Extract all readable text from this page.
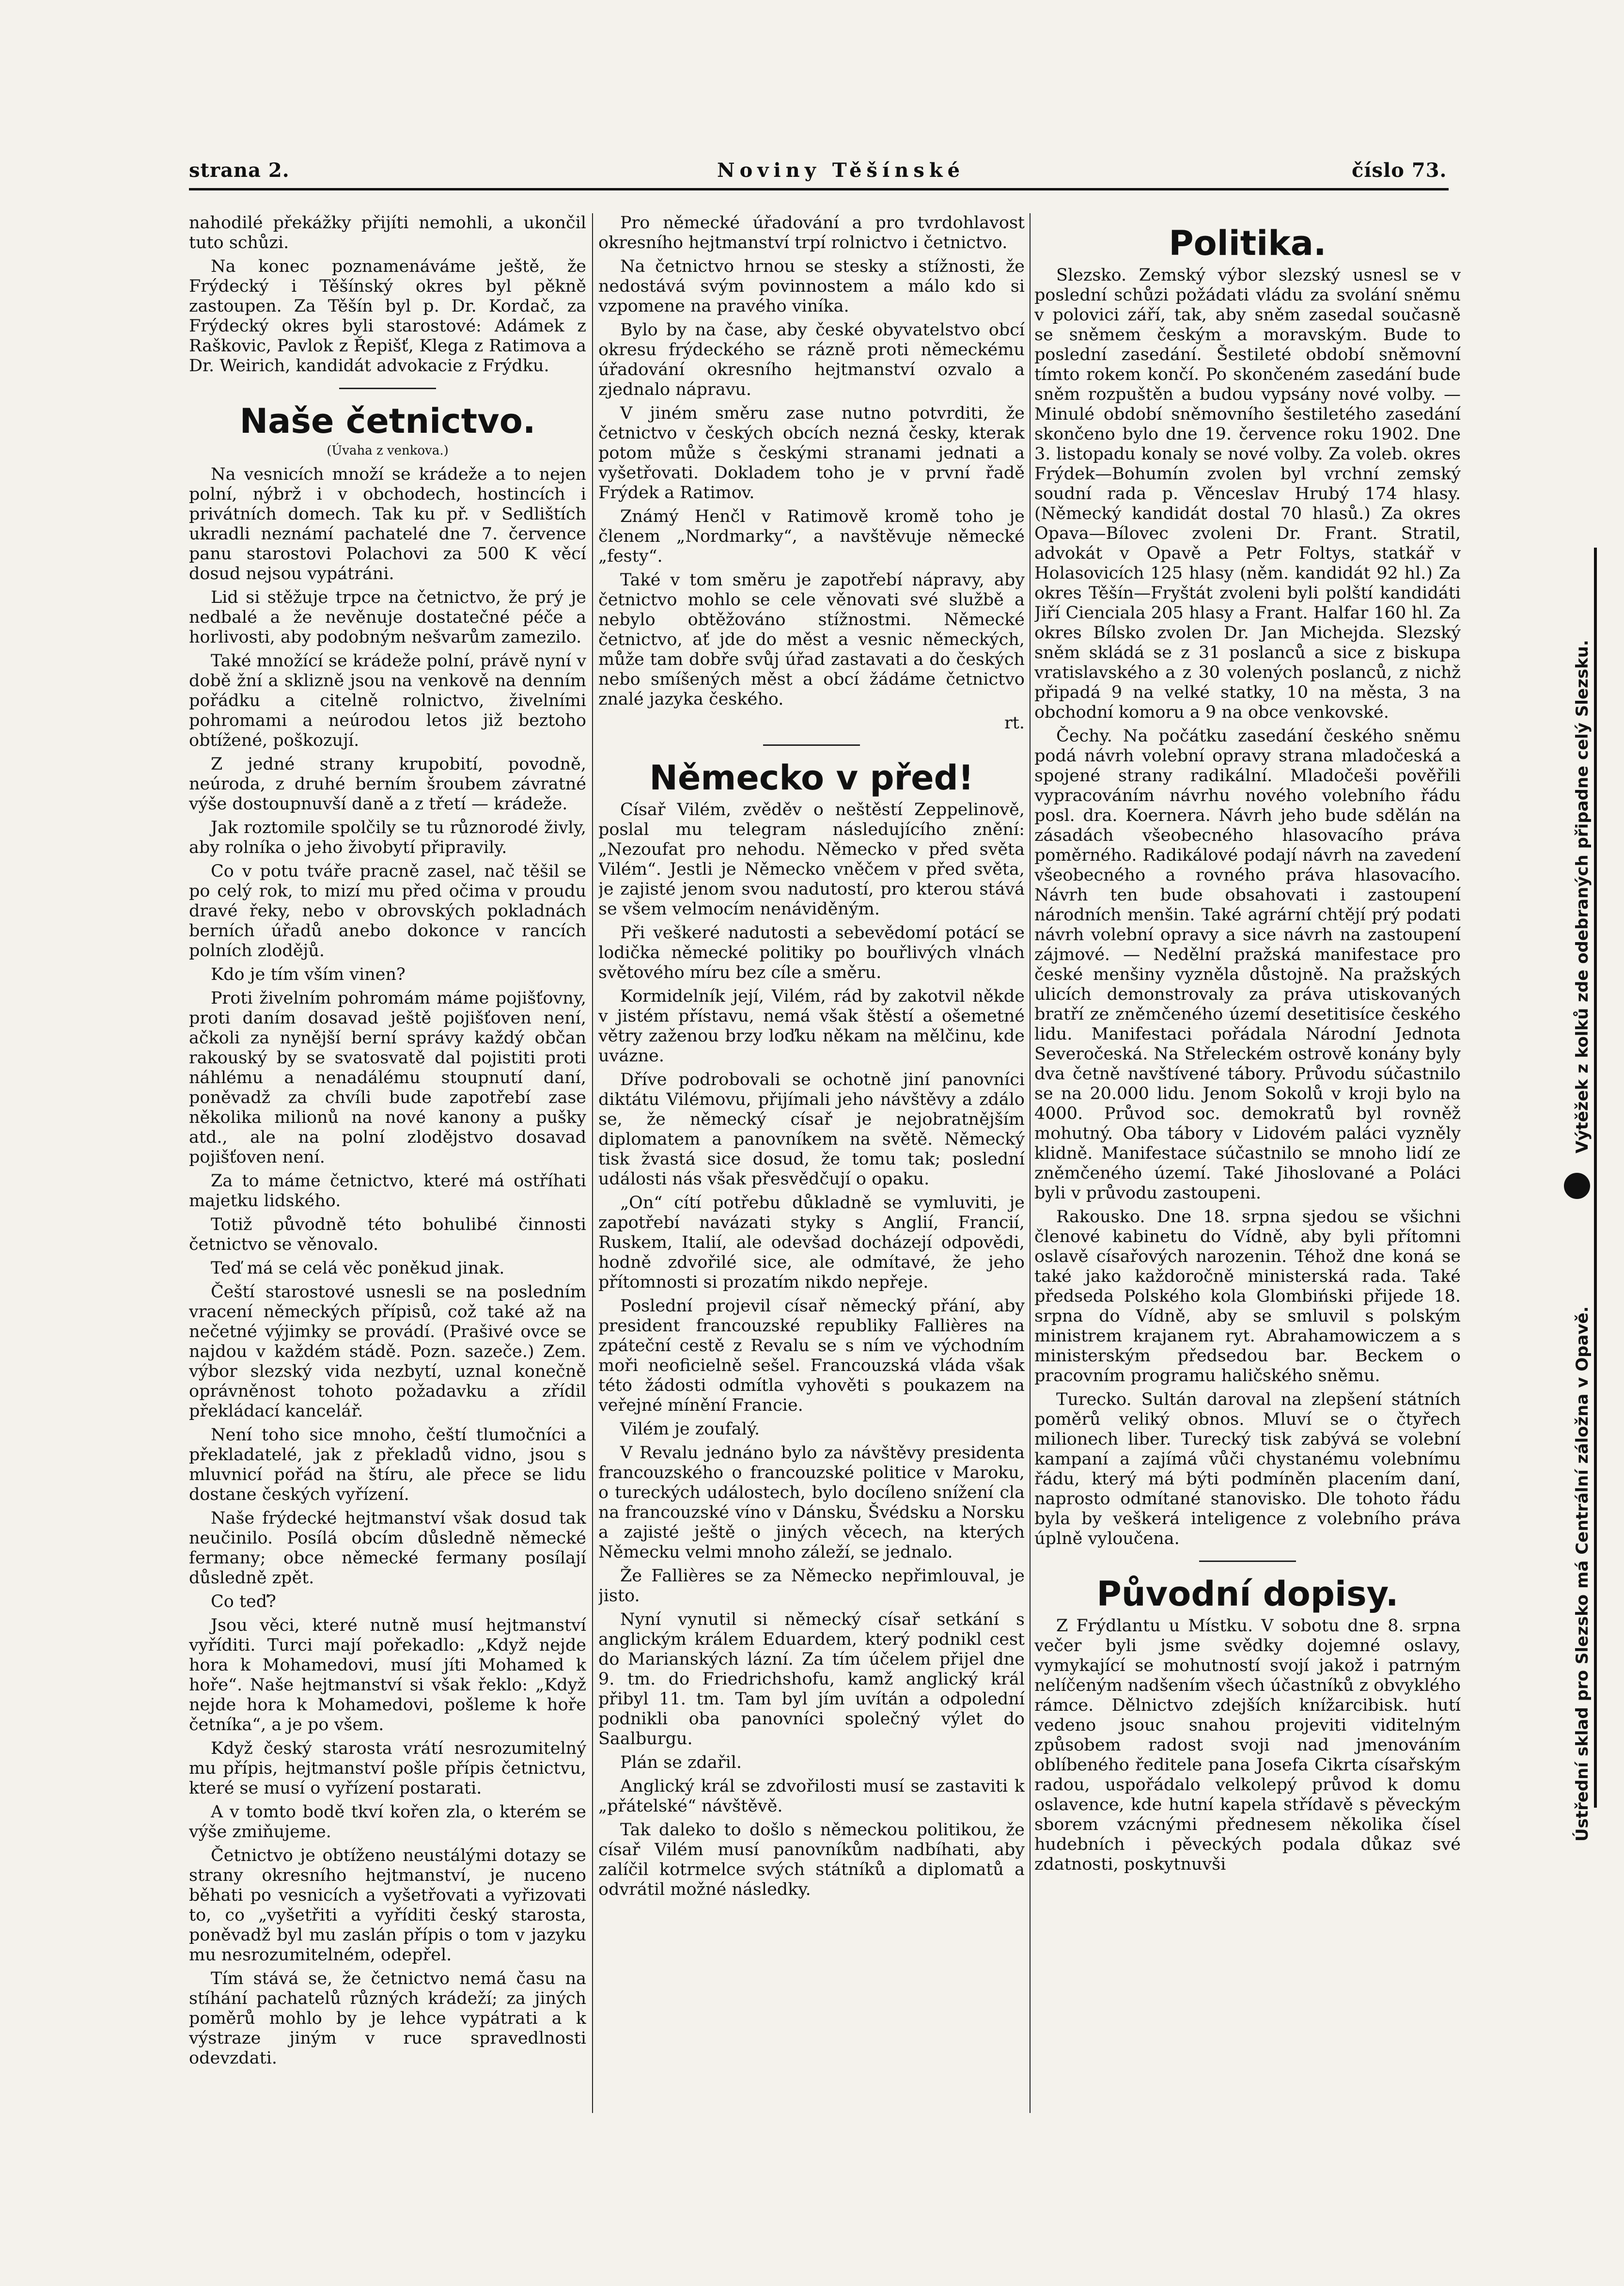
strana 2.	Noviny Těšínské	číslo 73.

nahodilé překážky přijíti nemohli, a ukončil tuto schůzi.

Na konec poznamenáváme ještě, že Frýdecký i Těšínský okres byl pěkně zastoupen. Za Těšín byl p. Dr. Kordač, za Frýdecký okres byli starostové: Adámek z Raškovic, Pavlok z Řepišť, Klega z Ratimova a Dr. Weirich, kandidát advokacie z Frýdku.

Naše četnictvo.
(Úvaha z venkova.)

Na vesnicích množí se krádeže a to nejen polní, nýbrž i v obchodech, hostincích i privátních domech. Tak ku př. v Sedlištích ukradli neznámí pachatelé dne 7. července panu starostovi Polachovi za 500 K věcí dosud nejsou vypátráni.

Lid si stěžuje trpce na četnictvo, že prý je nedbalé a že nevěnuje dostatečné péče a horlivosti, aby podobným nešvarům zamezilo.

Také množící se krádeže polní, právě nyní v době žní a sklizně jsou na venkově na denním pořádku a citelně rolnictvo, živelními pohromami a neúrodou letos již beztoho obtížené, poškozují.

Z jedné strany krupobití, povodně, neúroda, z druhé berním šroubem závratné výše dostoupnuvší daně a z třetí — krádeže.

Jak roztomile spolčily se tu různorodé živly, aby rolníka o jeho živobytí připravily.

Co v potu tváře pracně zasel, nač těšil se po celý rok, to mizí mu před očima v proudu dravé řeky, nebo v obrovských pokladnách berních úřadů anebo dokonce v rancích polních zlodějů.

Kdo je tím vším vinen?

Proti živelním pohromám máme pojišťovny, proti daním dosavad ještě pojišťoven není, ačkoli za nynější berní správy každý občan rakouský by se svatosvatě dal pojistiti proti náhlému a nenadálému stoupnutí daní, poněvadž za chvíli bude zapotřebí zase několika milionů na nové kanony a pušky atd., ale na polní zlodějstvo dosavad pojišťoven není.

Za to máme četnictvo, které má ostříhati majetku lidského.

Totiž původně této bohulibé činnosti četnictvo se věnovalo.

Teď má se celá věc poněkud jinak.

Čeští starostové usnesli se na posledním vracení německých přípisů, což také až na nečetné výjimky se provádí. (Prašivé ovce se najdou v každém stádě. Pozn. sazeče.) Zem. výbor slezský vida nezbytí, uznal konečně oprávněnost tohoto požadavku a zřídil překládací kancelář.

Není toho sice mnoho, čeští tlumočníci a překladatelé, jak z překladů vidno, jsou s mluvnicí pořád na štíru, ale přece se lidu dostane českých vyřízení.

Naše frýdecké hejtmanství však dosud tak neučinilo. Posílá obcím důsledně německé fermany; obce německé fermany posílají důsledně zpět.

Co teď?

Jsou věci, které nutně musí hejtmanství vyříditi. Turci mají pořekadlo: „Když nejde hora k Mohamedovi, musí jíti Mohamed k hoře“. Naše hejtmanství si však řeklo: „Když nejde hora k Mohamedovi, pošleme k hoře četníka“, a je po všem.

Když český starosta vrátí nesrozumitelný mu přípis, hejtmanství pošle přípis četnictvu, které se musí o vyřízení postarati.

A v tomto bodě tkví kořen zla, o kterém se výše zmiňujeme.

Četnictvo je obtíženo neustálými dotazy se strany okresního hejtmanství, je nuceno běhati po vesnicích a vyšetřovati a vyřizovati to, co „vyšetřiti a vyříditi český starosta, poněvadž byl mu zaslán přípis o tom v jazyku mu nesrozumitelném, odepřel.

Tím stává se, že četnictvo nemá času na stíhání pachatelů různých krádeží; za jiných poměrů mohlo by je lehce vypátrati a k výstraze jiným v ruce spravedlnosti odevzdati.

Pro německé úřadování a pro tvrdohlavost okresního hejtmanství trpí rolnictvo i četnictvo.

Na četnictvo hrnou se stesky a stížnosti, že nedostává svým povinnostem a málo kdo si vzpomene na pravého viníka.

Bylo by na čase, aby české obyvatelstvo obcí okresu frýdeckého se rázně proti německému úřadování okresního hejtmanství ozvalo a zjednalo nápravu.

V jiném směru zase nutno potvrditi, že četnictvo v českých obcích nezná česky, kterak potom může s českými stranami jednati a vyšetřovati. Dokladem toho je v první řadě Frýdek a Ratimov.

Známý Henčl v Ratimově kromě toho je členem „Nordmarky“, a navštěvuje německé „festy“.

Také v tom směru je zapotřebí nápravy, aby četnictvo mohlo se cele věnovati své službě a nebylo obtěžováno stížnostmi. Německé četnictvo, ať jde do měst a vesnic německých, může tam dobře svůj úřad zastavati a do českých nebo smíšených měst a obcí žádáme četnictvo znalé jazyka českého.

rt.
Německo v před!

Císař Vilém, zvěděv o neštěstí Zeppelinově, poslal mu telegram následujícího znění: „Nezoufat pro nehodu. Německo v před světa Vilém“. Jestli je Německo vněčem v před světa, je zajisté jenom svou nadutostí, pro kterou stává se všem velmocím nenáviděným.

Při veškeré nadutosti a sebevědomí potácí se lodička německé politiky po bouřlivých vlnách světového míru bez cíle a směru.

Kormidelník její, Vilém, rád by zakotvil někde v jistém přístavu, nemá však štěstí a ošemetné větry zaženou brzy loďku někam na mělčinu, kde uvázne.

Dříve podrobovali se ochotně jiní panovníci diktátu Vilémovu, přijímali jeho návštěvy a zdálo se, že německý císař je nejobratnějším diplomatem a panovníkem na světě. Německý tisk žvastá sice dosud, že tomu tak; poslední události nás však přesvědčují o opaku.

„On“ cítí potřebu důkladně se vymluviti, je zapotřebí navázati styky s Anglií, Francií, Ruskem, Italií, ale odevšad docházejí odpovědi, hodně zdvořilé sice, ale odmítavé, že jeho přítomnosti si prozatím nikdo nepřeje.

Poslední projevil císař německý přání, aby president francouzské republiky Fallières na zpáteční cestě z Revalu se s ním ve východním moři neoficielně sešel. Francouzská vláda však této žádosti odmítla vyhověti s poukazem na veřejné mínění Francie.

Vilém je zoufalý.

V Revalu jednáno bylo za návštěvy presidenta francouzského o francouzské politice v Maroku, o tureckých událostech, bylo docíleno snížení cla na francouzské víno v Dánsku, Švédsku a Norsku a zajisté ještě o jiných věcech, na kterých Německu velmi mnoho záleží, se jednalo.

Že Fallières se za Německo nepřimlouval, je jisto.

Nyní vynutil si německý císař setkání s anglickým králem Eduardem, který podnikl cest do Marianských lázní. Za tím účelem přijel dne 9. tm. do Friedrichshofu, kamž anglický král přibyl 11. tm. Tam byl jím uvítán a odpolední podnikli oba panovníci společný výlet do Saalburgu.

Plán se zdařil.

Anglický král se zdvořilosti musí se zastaviti k „přátelské“ návštěvě.

Tak daleko to došlo s německou politikou, že císař Vilém musí panovníkům nadbíhati, aby zalíčil kotrmelce svých státníků a diplomatů a odvrátil možné následky.

Politika.

Slezsko. Zemský výbor slezský usnesl se v poslední schůzi požádati vládu za svolání sněmu v polovici září, tak, aby sněm zasedal současně se sněmem českým a moravským. Bude to poslední zasedání. Šestileté období sněmovní tímto rokem končí. Po skončeném zasedání bude sněm rozpuštěn a budou vypsány nové volby. — Minulé období sněmovního šestiletého zasedání skončeno bylo dne 19. července roku 1902. Dne 3. listopadu konaly se nové volby. Za voleb. okres Frýdek—Bohumín zvolen byl vrchní zemský soudní rada p. Věnceslav Hrubý 174 hlasy. (Německý kandidát dostal 70 hlasů.) Za okres Opava—Bílovec zvoleni Dr. Frant. Stratil, advokát v Opavě a Petr Foltys, statkář v Holasovicích 125 hlasy (něm. kandidát 92 hl.) Za okres Těšín—Fryštát zvoleni byli polští kandidáti Jiří Cienciala 205 hlasy a Frant. Halfar 160 hl. Za okres Bílsko zvolen Dr. Jan Michejda. Slezský sněm skládá se z 31 poslanců a sice z biskupa vratislavského a z 30 volených poslanců, z nichž připadá 9 na velké statky, 10 na města, 3 na obchodní komoru a 9 na obce venkovské.

Čechy. Na počátku zasedání českého sněmu podá návrh volební opravy strana mladočeská a spojené strany radikální. Mladočeši pověřili vypracováním návrhu nového volebního řádu posl. dra. Koernera. Návrh jeho bude sdělán na zásadách všeobecného hlasovacího práva poměrného. Radikálové podají návrh na zavedení všeobecného a rovného práva hlasovacího. Návrh ten bude obsahovati i zastoupení národních menšin. Také agrární chtějí prý podati návrh volební opravy a sice návrh na zastoupení zájmové. — Nedělní pražská manifestace pro české menšiny vyzněla důstojně. Na pražských ulicích demonstrovaly za práva utiskovaných bratří ze zněmčeného území desetitisíce českého lidu. Manifestaci pořádala Národní Jednota Severočeská. Na Střeleckém ostrově konány byly dva četně navštívené tábory. Průvodu súčastnilo se na 20.000 lidu. Jenom Sokolů v kroji bylo na 4000. Průvod soc. demokratů byl rovněž mohutný. Oba tábory v Lidovém paláci vyzněly klidně. Manifestace súčastnilo se mnoho lidí ze zněmčeného území. Také Jihoslované a Poláci byli v průvodu zastoupeni.

Rakousko. Dne 18. srpna sjedou se všichni členové kabinetu do Vídně, aby byli přítomni oslavě císařových narozenin. Téhož dne koná se také jako každoročně ministerská rada. Také předseda Polského kola Glombiński přijede 18. srpna do Vídně, aby se smluvil s polským ministrem krajanem ryt. Abrahamowiczem a s ministerským předsedou bar. Beckem o pracovním programu haličského sněmu.

Turecko. Sultán daroval na zlepšení státních poměrů veliký obnos. Mluví se o čtyřech milionech liber. Turecký tisk zabývá se volební kampaní a zajímá vůči chystanému volebnímu řádu, který má býti podmíněn placením daní, naprosto odmítané stanovisko. Dle tohoto řádu byla by veškerá inteligence z volebního práva úplně vyloučena.

Původní dopisy.

Z Frýdlantu u Místku. V sobotu dne 8. srpna večer byli jsme svědky dojemné oslavy, vymykající se mohutností svojí jakož i patrným nelíčeným nadšením všech účastníků z obvyklého rámce. Dělnictvo zdejších knížarcibisk. hutí vedeno jsouc snahou projeviti viditelným způsobem radost svoji nad jmenováním oblíbeného ředitele pana Josefa Cikrta císařským radou, uspořádalo velkolepý průvod k domu oslavence, kde hutní kapela střídavě s pěveckým sborem vzácnými přednesem několika čísel hudebních i pěveckých podala důkaz své zdatnosti, poskytnuvši

Ústřední sklad pro Slezsko má Centrální záložna v Opavě.
Výtěžek z kolků zde odebraných připadne celý Slezsku.
